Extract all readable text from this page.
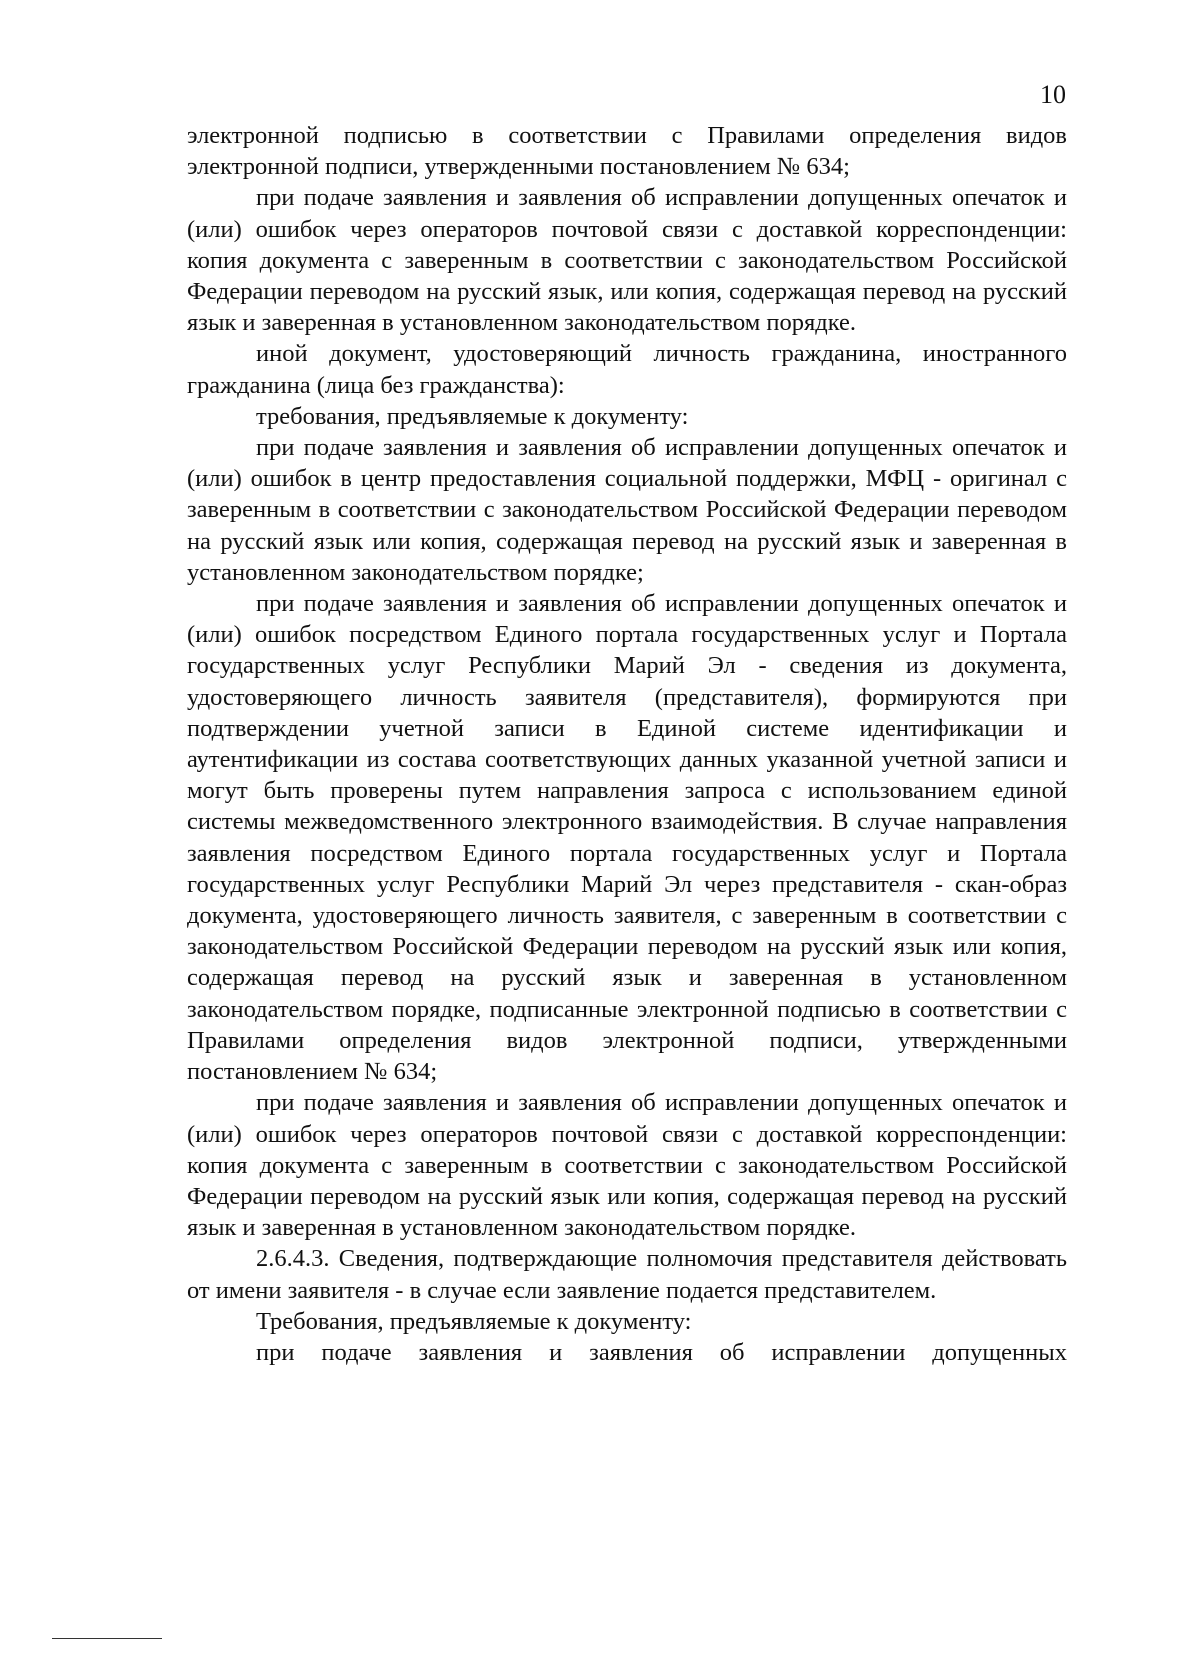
10

электронной подписью в соответствии с Правилами определения видов электронной подписи, утвержденными постановлением № 634;

при подаче заявления и заявления об исправлении допущенных опечаток и (или) ошибок через операторов почтовой связи с доставкой корреспонденции: копия документа с заверенным в соответствии с законодательством Российской Федерации переводом на русский язык, или копия, содержащая перевод на русский язык и заверенная в установленном законодательством порядке.

иной документ, удостоверяющий личность гражданина, иностранного гражданина (лица без гражданства):

требования, предъявляемые к документу:

при подаче заявления и заявления об исправлении допущенных опечаток и (или) ошибок в центр предоставления социальной поддержки, МФЦ - оригинал с заверенным в соответствии с законодательством Российской Федерации переводом на русский язык или копия, содержащая перевод на русский язык и заверенная в установленном законодательством порядке;

при подаче заявления и заявления об исправлении допущенных опечаток и (или) ошибок посредством Единого портала государственных услуг и Портала государственных услуг Республики Марий Эл - сведения из документа, удостоверяющего личность заявителя (представителя), формируются при подтверждении учетной записи в Единой системе идентификации и аутентификации из состава соответствующих данных указанной учетной записи и могут быть проверены путем направления запроса с использованием единой системы межведомственного электронного взаимодействия. В случае направления заявления посредством Единого портала государственных услуг и Портала государственных услуг Республики Марий Эл через представителя - скан-образ документа, удостоверяющего личность заявителя, с заверенным в соответствии с законодательством Российской Федерации переводом на русский язык или копия, содержащая перевод на русский язык и заверенная в установленном законодательством порядке, подписанные электронной подписью в соответствии с Правилами определения видов электронной подписи, утвержденными постановлением № 634;

при подаче заявления и заявления об исправлении допущенных опечаток и (или) ошибок через операторов почтовой связи с доставкой корреспонденции: копия документа с заверенным в соответствии с законодательством Российской Федерации переводом на русский язык или копия, содержащая перевод на русский язык и заверенная в установленном законодательством порядке.

2.6.4.3. Сведения, подтверждающие полномочия представителя действовать от имени заявителя - в случае если заявление подается представителем.

Требования, предъявляемые к документу:

при подаче заявления и заявления об исправлении допущенных
